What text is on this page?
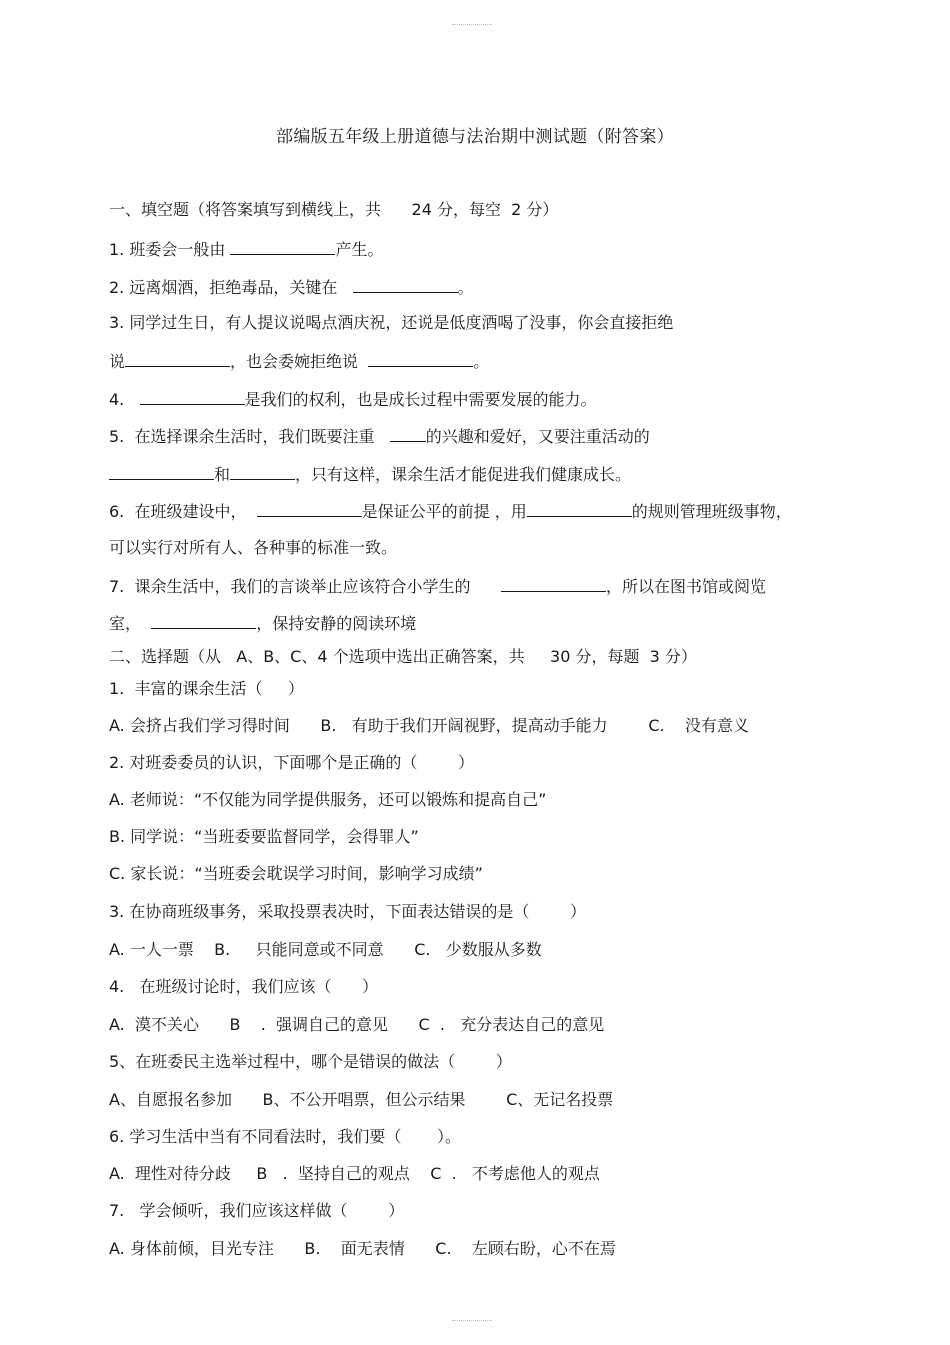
部编版五年级上册道德与法治期中测试题（附答案）
一、填空题（将答案填写到横线上，共      24 分，每空  2 分）
1. 班委会一般由	产生。
2. 远离烟酒，拒绝毒品，关键在	。
3. 同学过生日，有人提议说喝点酒庆祝，还说是低度酒喝了没事，你会直接拒绝
说	，也会委婉拒绝说	。
4.	是我们的权利，也是成长过程中需要发展的能力。
5.  在选择课余生活时，我们既要注重   的兴趣和爱好，又要注重活动的
和	，只有这样，课余生活才能促进我们健康成长。
6.  在班级建设中，	是保证公平的前提 ，用	的规则管理班级事物，
可以实行对所有人、各种事的标准一致。
7.  课余生活中，我们的言谈举止应该符合小学生的	，所以在图书馆或阅览
室，	，保持安静的阅读环境
二、选择题（从   A、B、C、4 个选项中选出正确答案，共     30 分，每题  3 分）
1.  丰富的课余生活（     ）
A. 会挤占我们学习得时间      B.   有助于我们开阔视野，提高动手能力        C.    没有意义
2. 对班委委员的认识，下面哪个是正确的（        ）
A. 老师说：“不仅能为同学提供服务，还可以锻炼和提高自己”
B. 同学说：“当班委要监督同学，会得罪人”
C. 家长说：“当班委会耽误学习时间，影响学习成绩”
3. 在协商班级事务，采取投票表决时，下面表达错误的是（        ）
A. 一人一票    B.     只能同意或不同意      C.   少数服从多数
4.   在班级讨论时，我们应该（      ）
A.  漠不关心      B    .  强调自己的意见      C  .   充分表达自己的意见
5、在班委民主选举过程中，哪个是错误的做法（        ）
A、自愿报名参加      B、不公开唱票，但公示结果        C、无记名投票
6. 学习生活中当有不同看法时，我们要（       ）。
A.  理性对待分歧     B   .  坚持自己的观点    C  .   不考虑他人的观点
7.   学会倾听，我们应该这样做（        ）
A. 身体前倾，目光专注      B.    面无表情      C.    左顾右盼，心不在焉
